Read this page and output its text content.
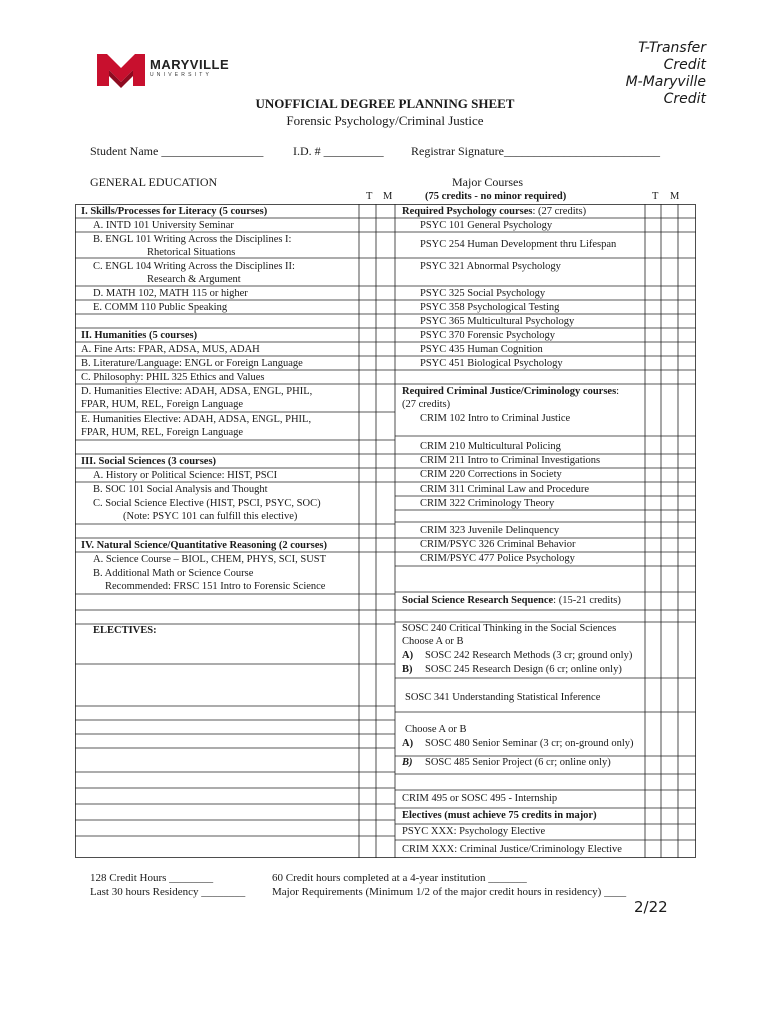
MARYVILLE
UNIVERSITY
T-Transfer
Credit
M-Maryville
Credit
UNOFFICIAL DEGREE PLANNING SHEET
Forensic Psychology/Criminal Justice
Student Name _________________ I.D. # __________ Registrar Signature__________________________
GENERAL EDUCATION
T M
Major Courses
(75 credits - no minor required)	T M
I. Skills/Processes for Literacy (5 courses)
A. INTD 101 University Seminar
B. ENGL 101 Writing Across the Disciplines I:
Rhetorical Situations
C. ENGL 104 Writing Across the Disciplines II:
Research & Argument
D. MATH 102, MATH 115 or higher
E. COMM 110 Public Speaking
II. Humanities (5 courses)
A. Fine Arts: FPAR, ADSA, MUS, ADAH
B. Literature/Language: ENGL or Foreign Language
C. Philosophy: PHIL 325 Ethics and Values
D. Humanities Elective: ADAH, ADSA, ENGL, PHIL,
FPAR, HUM, REL, Foreign Language
E. Humanities Elective: ADAH, ADSA, ENGL, PHIL,
FPAR, HUM, REL, Foreign Language
III. Social Sciences (3 courses)
A. History or Political Science: HIST, PSCI
B. SOC 101 Social Analysis and Thought
C. Social Science Elective (HIST, PSCI, PSYC, SOC)
(Note: PSYC 101 can fulfill this elective)
IV. Natural Science/Quantitative Reasoning (2 courses)
A. Science Course – BIOL, CHEM, PHYS, SCI, SUST
B. Additional Math or Science Course
Recommended: FRSC 151 Intro to Forensic Science
ELECTIVES:
Required Psychology courses: (27 credits)
PSYC 101 General Psychology
PSYC 254 Human Development thru Lifespan
PSYC 321 Abnormal Psychology
PSYC 325 Social Psychology
PSYC 358 Psychological Testing
PSYC 365 Multicultural Psychology
PSYC 370 Forensic Psychology
PSYC 435 Human Cognition
PSYC 451 Biological Psychology
Required Criminal Justice/Criminology courses:
(27 credits)
CRIM 102 Intro to Criminal Justice
CRIM 210 Multicultural Policing
CRIM 211 Intro to Criminal Investigations
CRIM 220 Corrections in Society
CRIM 311 Criminal Law and Procedure
CRIM 322 Criminology Theory
CRIM 323 Juvenile Delinquency
CRIM/PSYC 326 Criminal Behavior
CRIM/PSYC 477 Police Psychology
Social Science Research Sequence: (15-21 credits)
SOSC 240 Critical Thinking in the Social Sciences
Choose A or B
A) SOSC 242 Research Methods (3 cr; ground only)
B) SOSC 245 Research Design (6 cr; online only)
SOSC 341 Understanding Statistical Inference
Choose A or B
A) SOSC 480 Senior Seminar (3 cr; on-ground only)
B) SOSC 485 Senior Project (6 cr; online only)
CRIM 495 or SOSC 495 - Internship
Electives (must achieve 75 credits in major)
PSYC XXX: Psychology Elective
CRIM XXX: Criminal Justice/Criminology Elective
128 Credit Hours ________
Last 30 hours Residency ________
60 Credit hours completed at a 4-year institution _______
Major Requirements (Minimum 1/2 of the major credit hours in residency) ____
2/22
